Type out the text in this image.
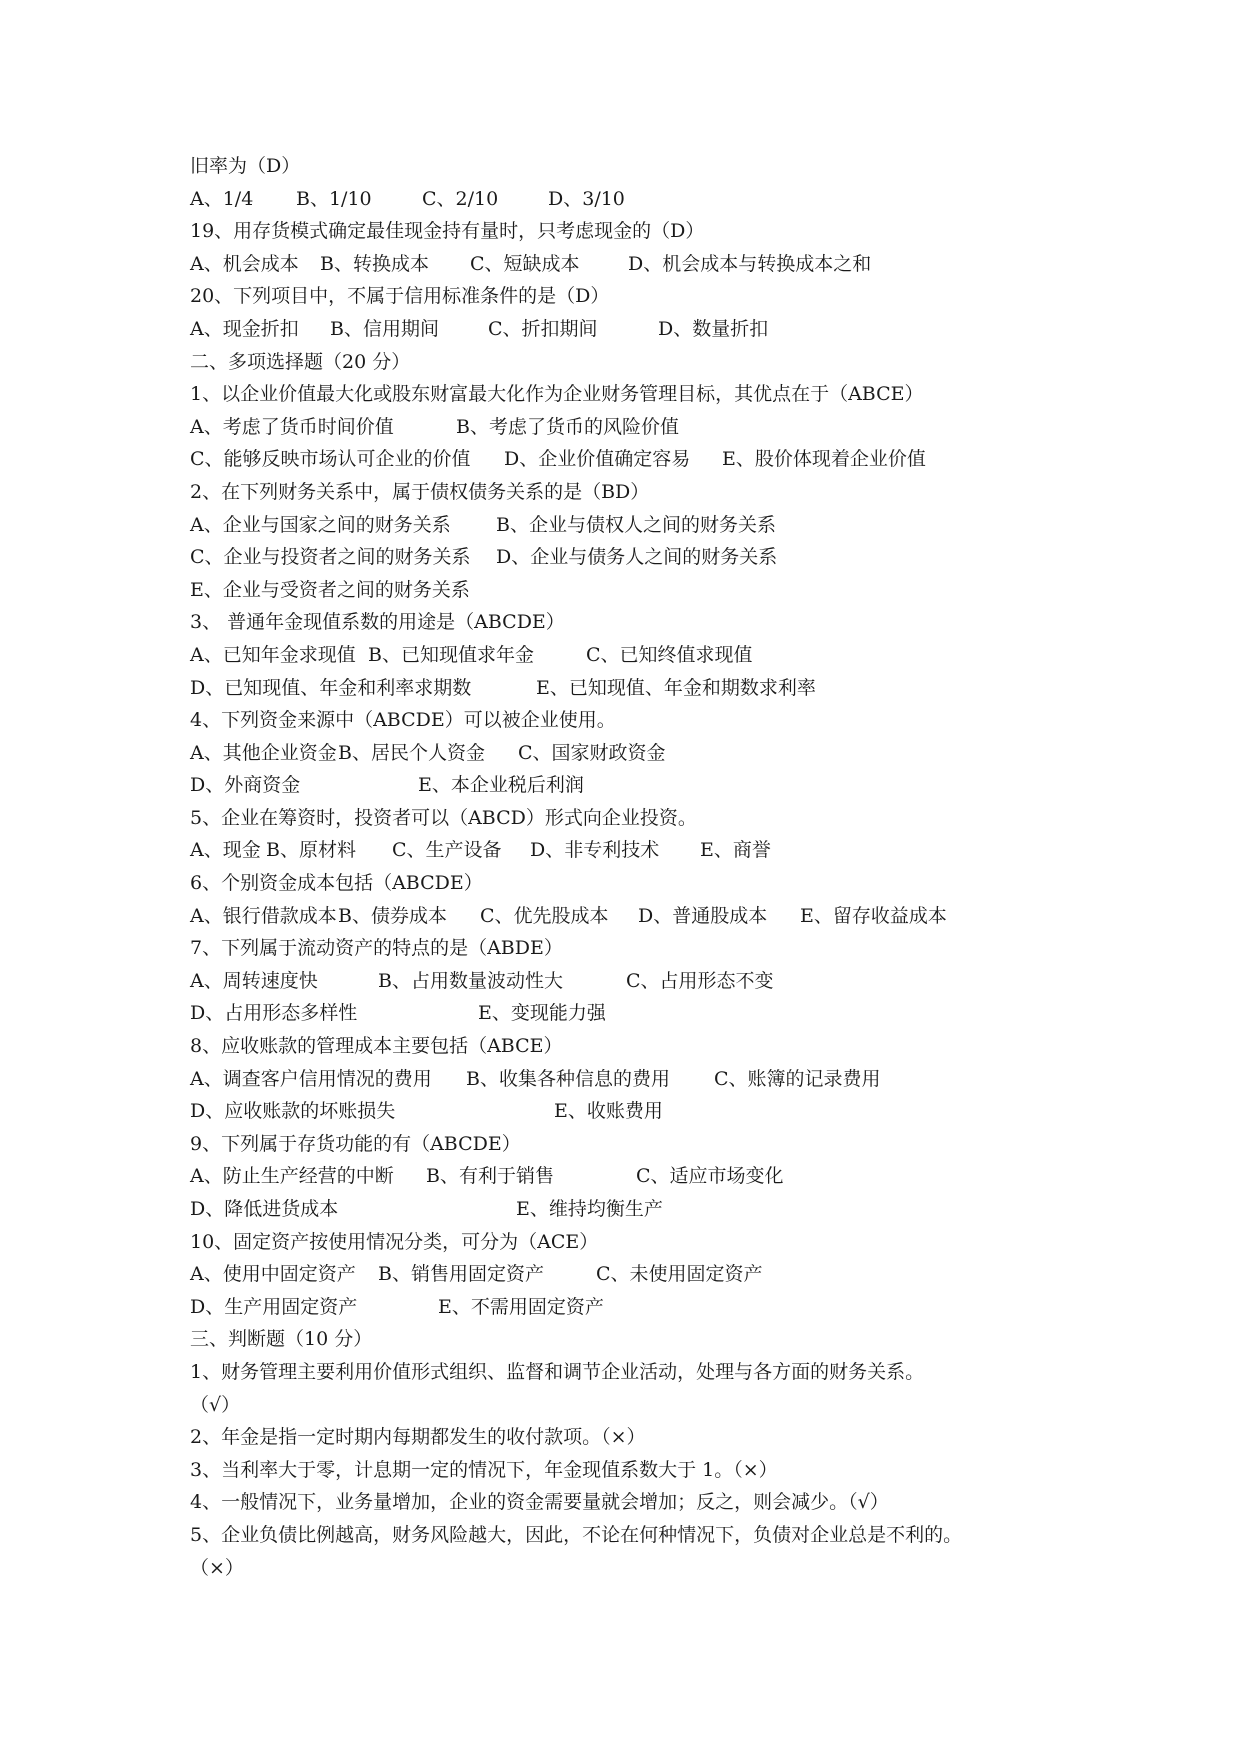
旧率为（D）
A、1/4 B、1/10	C、2/10	D、3/10
19、用存货模式确定最佳现金持有量时，只考虑现金的（D）
A、机会成本 B、转换成本 C、短缺成本	D、机会成本与转换成本之和
20、下列项目中，不属于信用标准条件的是（D）
A、现金折扣 B、信用期间	C、折扣期间	D、数量折扣
二、多项选择题（20 分）
1、以企业价值最大化或股东财富最大化作为企业财务管理目标，其优点在于（ABCE）
A、考虑了货币时间价值	B、考虑了货币的风险价值
C、能够反映市场认可企业的价值 D、企业价值确定容易 E、股价体现着企业价值
2、在下列财务关系中，属于债权债务关系的是（BD）
A、企业与国家之间的财务关系 B、企业与债权人之间的财务关系
C、企业与投资者之间的财务关系 D、企业与债务人之间的财务关系
E、企业与受资者之间的财务关系
3、 普通年金现值系数的用途是（ABCDE）
A、已知年金求现值 B、已知现值求年金	C、已知终值求现值
D、已知现值、年金和利率求期数	E、已知现值、年金和期数求利率
4、下列资金来源中（ABCDE）可以被企业使用。
A、其他企业资金 B、居民个人资金 C、国家财政资金
D、外商资金	E、本企业税后利润
5、企业在筹资时，投资者可以（ABCD）形式向企业投资。
A、现金 B、原材料 C、生产设备 D、非专利技术 E、商誉
6、个别资金成本包括（ABCDE）
A、银行借款成本 B、债券成本 C、优先股成本 D、普通股成本 E、留存收益成本
7、下列属于流动资产的特点的是（ABDE）
A、周转速度快	B、占用数量波动性大	C、占用形态不变
D、占用形态多样性	E、变现能力强
8、应收账款的管理成本主要包括（ABCE）
A、调查客户信用情况的费用 B、收集各种信息的费用 C、账簿的记录费用
D、应收账款的坏账损失	E、收账费用
9、下列属于存货功能的有（ABCDE）
A、防止生产经营的中断 B、有利于销售	C、适应市场变化
D、降低进货成本	E、维持均衡生产
10、固定资产按使用情况分类，可分为（ACE）
A、使用中固定资产 B、销售用固定资产	C、未使用固定资产
D、生产用固定资产	E、不需用固定资产
三、判断题（10 分）
1、财务管理主要利用价值形式组织、监督和调节企业活动，处理与各方面的财务关系。
（√）
2、年金是指一定时期内每期都发生的收付款项。（×）
3、当利率大于零，计息期一定的情况下，年金现值系数大于 1。（×）
4、一般情况下，业务量增加，企业的资金需要量就会增加；反之，则会减少。（√）
5、企业负债比例越高，财务风险越大，因此，不论在何种情况下，负债对企业总是不利的。
（×）
